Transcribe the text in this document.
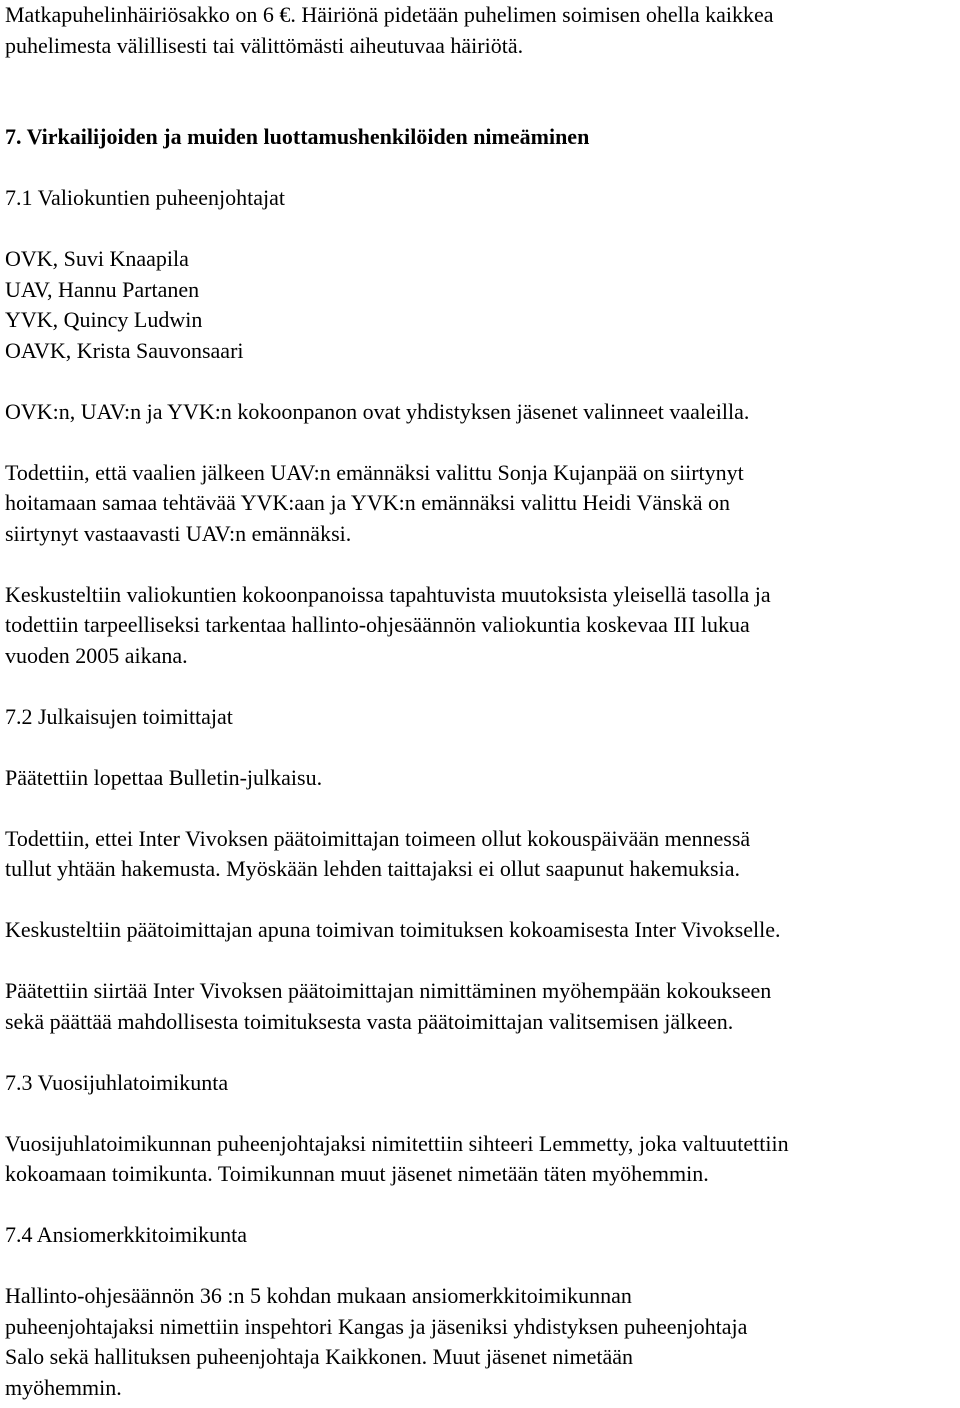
Matkapuhelinhäiriösakko on 6 €. Häiriönä pidetään puhelimen soimisen ohella kaikkea
puhelimesta välillisesti tai välittömästi aiheutuvaa häiriötä.

7. Virkailijoiden ja muiden luottamushenkilöiden nimeäminen

7.1 Valiokuntien puheenjohtajat

OVK, Suvi Knaapila
UAV, Hannu Partanen
YVK, Quincy Ludwin
OAVK, Krista Sauvonsaari

OVK:n, UAV:n ja YVK:n kokoonpanon ovat yhdistyksen jäsenet valinneet vaaleilla.

Todettiin, että vaalien jälkeen UAV:n emännäksi valittu Sonja Kujanpää on siirtynyt
hoitamaan samaa tehtävää YVK:aan ja YVK:n emännäksi valittu Heidi Vänskä on
siirtynyt vastaavasti UAV:n emännäksi.

Keskusteltiin valiokuntien kokoonpanoissa tapahtuvista muutoksista yleisellä tasolla ja
todettiin tarpeelliseksi tarkentaa hallinto-ohjesäännön valiokuntia koskevaa III lukua
vuoden 2005 aikana.

7.2 Julkaisujen toimittajat

Päätettiin lopettaa Bulletin-julkaisu.

Todettiin, ettei Inter Vivoksen päätoimittajan toimeen ollut kokouspäivään mennessä
tullut yhtään hakemusta. Myöskään lehden taittajaksi ei ollut saapunut hakemuksia.

Keskusteltiin päätoimittajan apuna toimivan toimituksen kokoamisesta Inter Vivokselle.

Päätettiin siirtää Inter Vivoksen päätoimittajan nimittäminen myöhempään kokoukseen
sekä päättää mahdollisesta toimituksesta vasta päätoimittajan valitsemisen jälkeen.

7.3 Vuosijuhlatoimikunta

Vuosijuhlatoimikunnan puheenjohtajaksi nimitettiin sihteeri Lemmetty, joka valtuutettiin
kokoamaan toimikunta. Toimikunnan muut jäsenet nimetään täten myöhemmin.

7.4 Ansiomerkkitoimikunta

Hallinto-ohjesäännön 36 :n 5 kohdan mukaan ansiomerkkitoimikunnan
puheenjohtajaksi nimettiin inspehtori Kangas ja jäseniksi yhdistyksen puheenjohtaja
Salo sekä hallituksen puheenjohtaja Kaikkonen. Muut jäsenet nimetään
myöhemmin.
